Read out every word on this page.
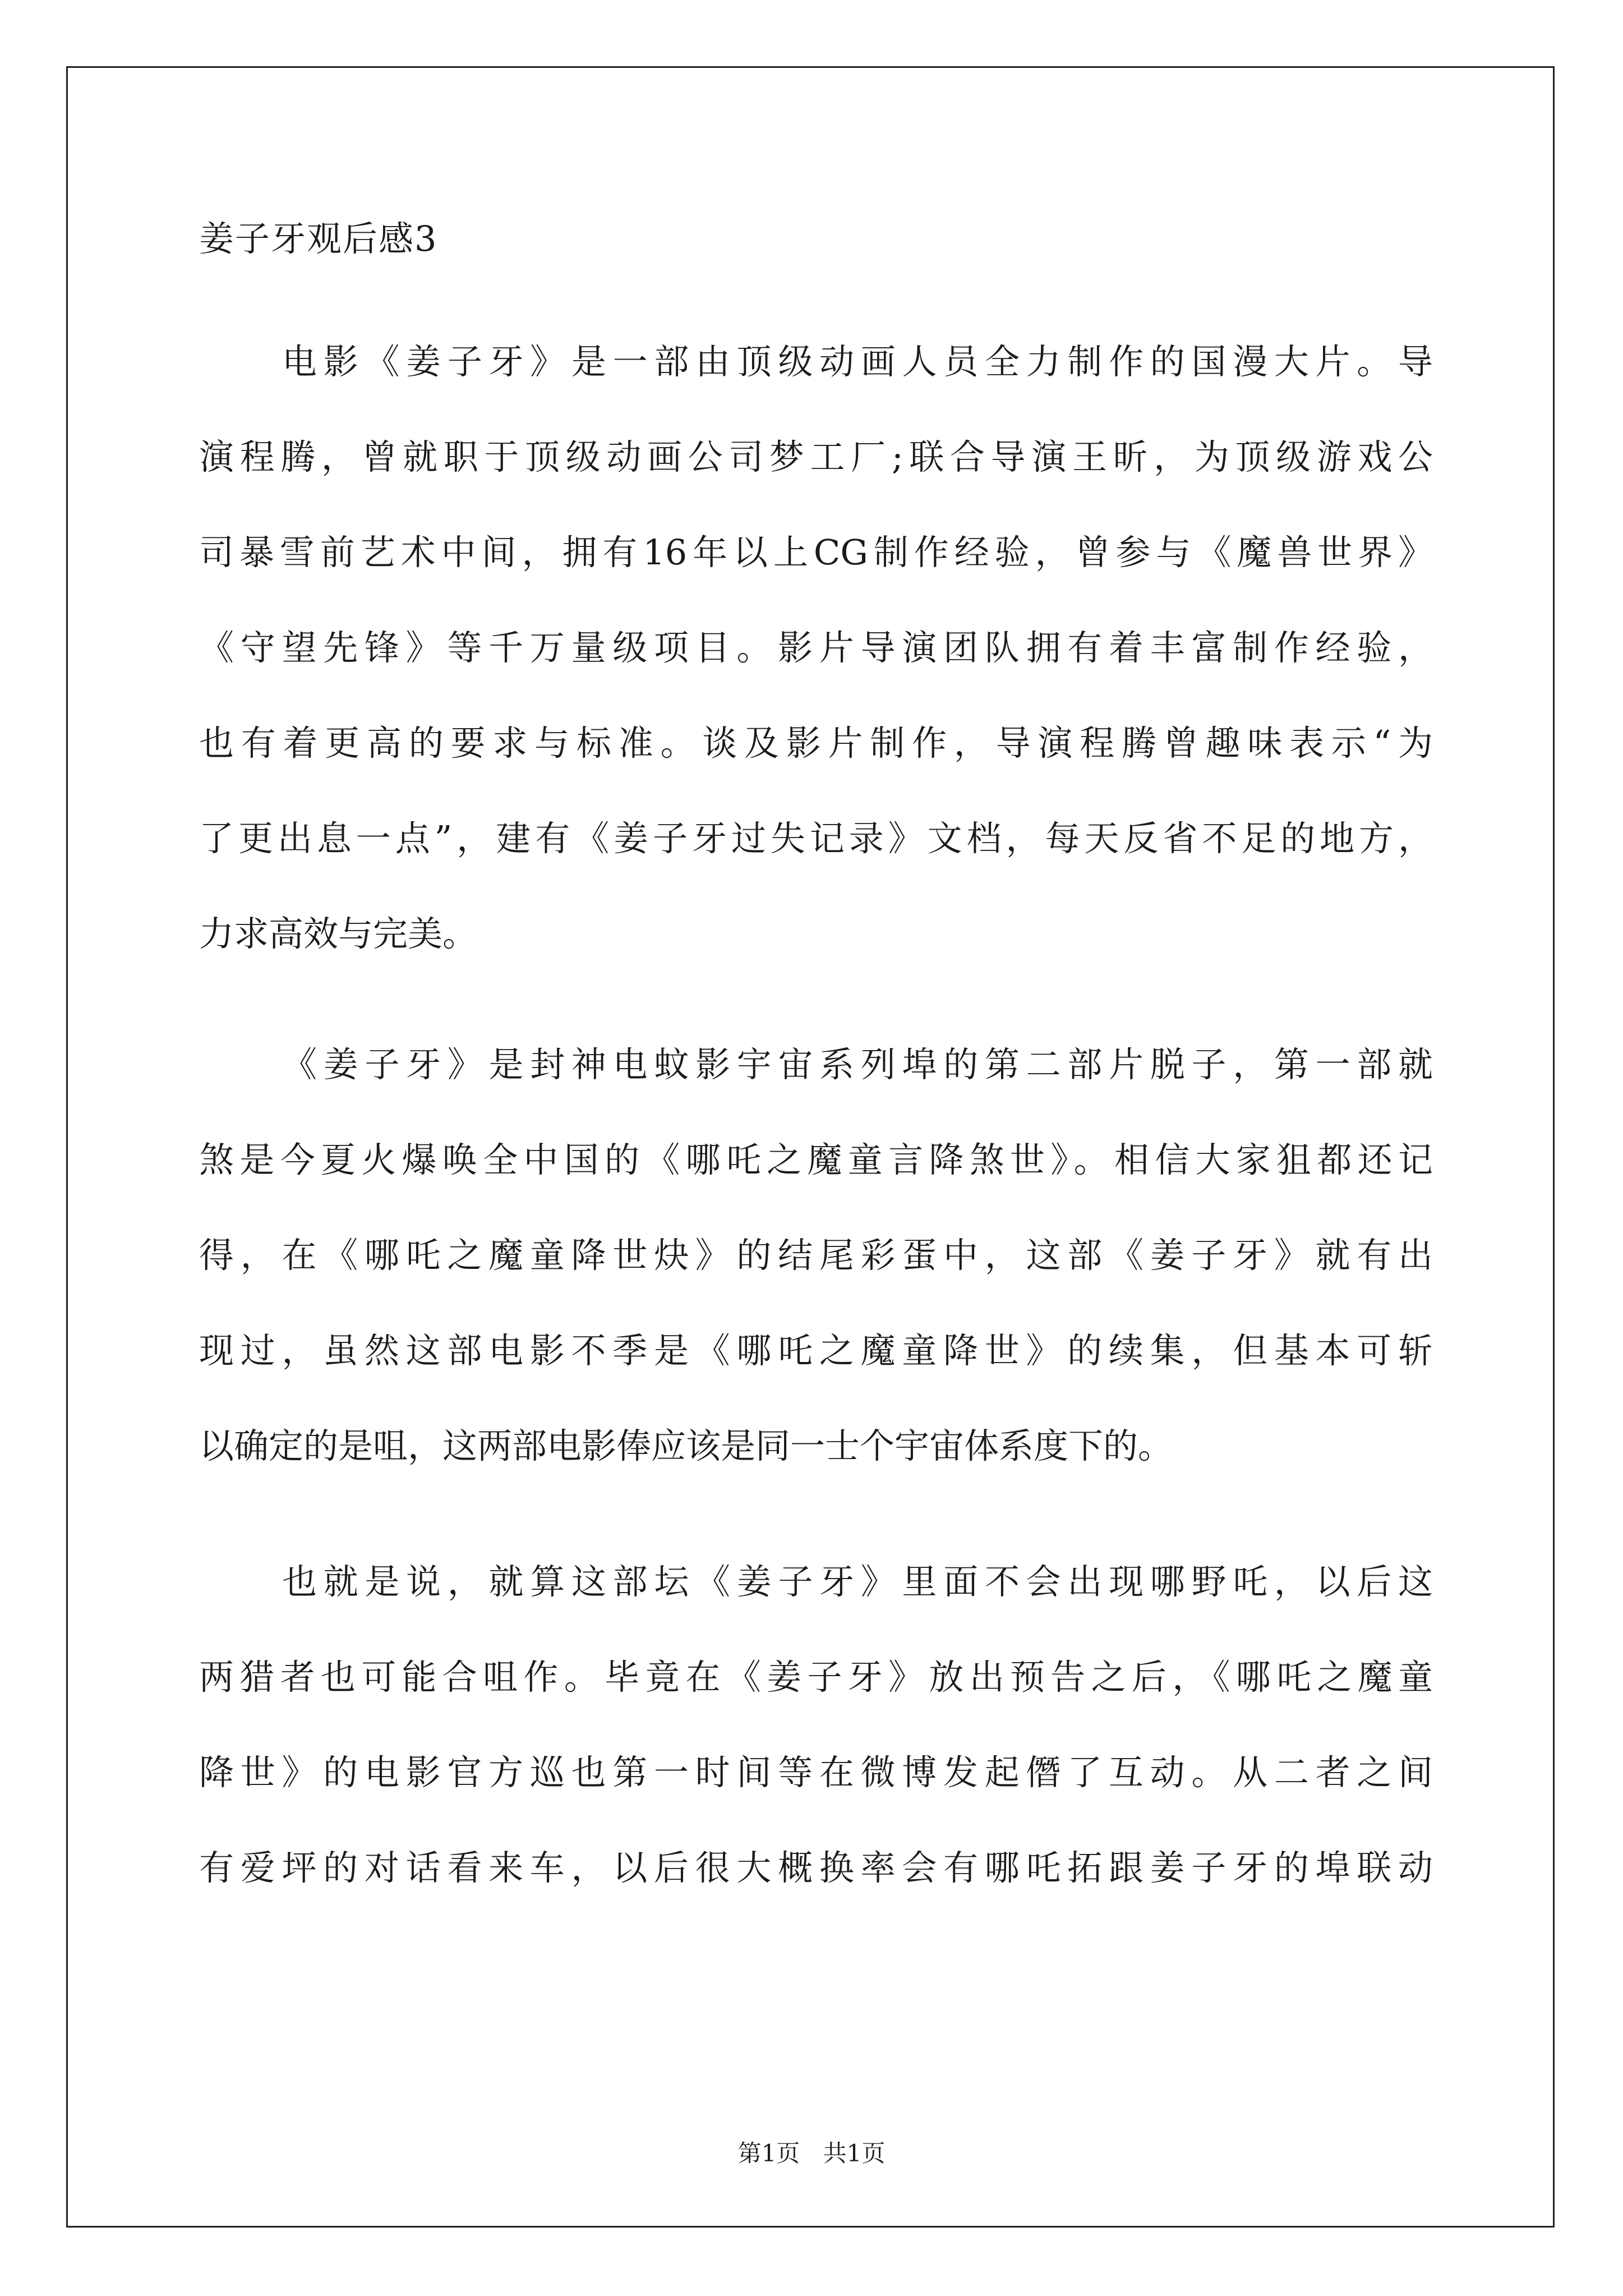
姜子牙观后感3
电影《姜子牙》是一部由顶级动画人员全力制作的国漫大片。导
演程腾，曾就职于顶级动画公司梦工厂;联合导演王昕，为顶级游戏公
司暴雪前艺术中间，拥有16年以上CG制作经验，曾参与《魔兽世界》
《守望先锋》等千万量级项目。影片导演团队拥有着丰富制作经验，
也有着更高的要求与标准。谈及影片制作，导演程腾曾趣味表示“为
了更出息一点”，建有《姜子牙过失记录》文档，每天反省不足的地方，
力求高效与完美。
《姜子牙》是封神电蚊影宇宙系列埠的第二部片脱子，第一部就
煞是今夏火爆唤全中国的《哪吒之魔童言降煞世》。相信大家狙都还记
得，在《哪吒之魔童降世炔》的结尾彩蛋中，这部《姜子牙》就有出
现过，虽然这部电影不季是《哪吒之魔童降世》的续集，但基本可斩
以确定的是咀，这两部电影俸应该是同一士个宇宙体系度下的。
也就是说，就算这部坛《姜子牙》里面不会出现哪野吒，以后这
两猎者也可能合咀作。毕竟在《姜子牙》放出预告之后，《哪吒之魔童
降世》的电影官方巡也第一时间等在微博发起僭了互动。从二者之间
有爱坪的对话看来车，以后很大概换率会有哪吒拓跟姜子牙的埠联动
第1页 共1页
